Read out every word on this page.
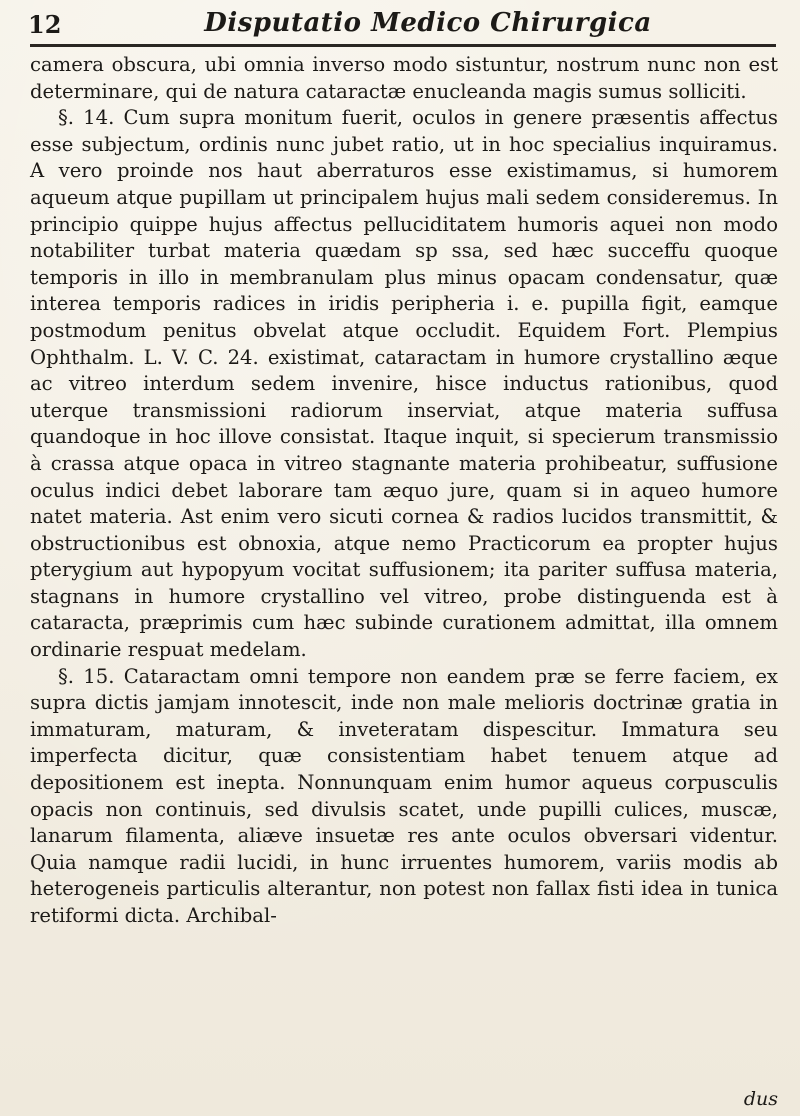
12	Disputatio Medico Chirurgica

camera obscura, ubi omnia inverso modo sistuntur, nostrum nunc non est determinare, qui de natura cataractæ enucleanda magis sumus solliciti.

§. 14. Cum supra monitum fuerit, oculos in genere præsentis affectus esse subjectum, ordinis nunc jubet ratio, ut in hoc specialius inquiramus. A vero proinde nos haut aberraturos esse existimamus, si humorem aqueum atque pupillam ut principalem hujus mali sedem consideremus. In principio quippe hujus affectus pelluciditatem humoris aquei non modo notabiliter turbat materia quædam sp ssa, sed hæc succeffu quoque temporis in illo in membranulam plus minus opacam condensatur, quæ interea temporis radices in iridis peripheria i. e. pupilla figit, eamque postmodum penitus obvelat atque occludit. Equidem Fort. Plempius Ophthalm. L. V. C. 24. existimat, cataractam in humore crystallino æque ac vitreo interdum sedem invenire, hisce inductus rationibus, quod uterque transmissioni radiorum inserviat, atque materia suffusa quandoque in hoc illove consistat. Itaque inquit, si specierum transmissio à crassa atque opaca in vitreo stagnante materia prohibeatur, suffusione oculus indici debet laborare tam æquo jure, quam si in aqueo humore natet materia. Ast enim vero sicuti cornea & radios lucidos transmittit, & obstructionibus est obnoxia, atque nemo Practicorum ea propter hujus pterygium aut hypopyum vocitat suffusionem; ita pariter suffusa materia, stagnans in humore crystallino vel vitreo, probe distinguenda est à cataracta, præprimis cum hæc subinde curationem admittat, illa omnem ordinarie respuat medelam.

§. 15. Cataractam omni tempore non eandem præ se ferre faciem, ex supra dictis jamjam innotescit, inde non male melioris doctrinæ gratia in immaturam, maturam, & inveteratam dispescitur. Immatura seu imperfecta dicitur, quæ consistentiam habet tenuem atque ad depositionem est inepta. Nonnunquam enim humor aqueus corpusculis opacis non continuis, sed divulsis scatet, unde pupilli culices, muscæ, lanarum filamenta, aliæve insuetæ res ante oculos obversari videntur. Quia namque radii lucidi, in hunc irruentes humorem, variis modis ab heterogeneis particulis alterantur, non potest non fallax fisti idea in tunica retiformi dicta. Archibal-

dus
